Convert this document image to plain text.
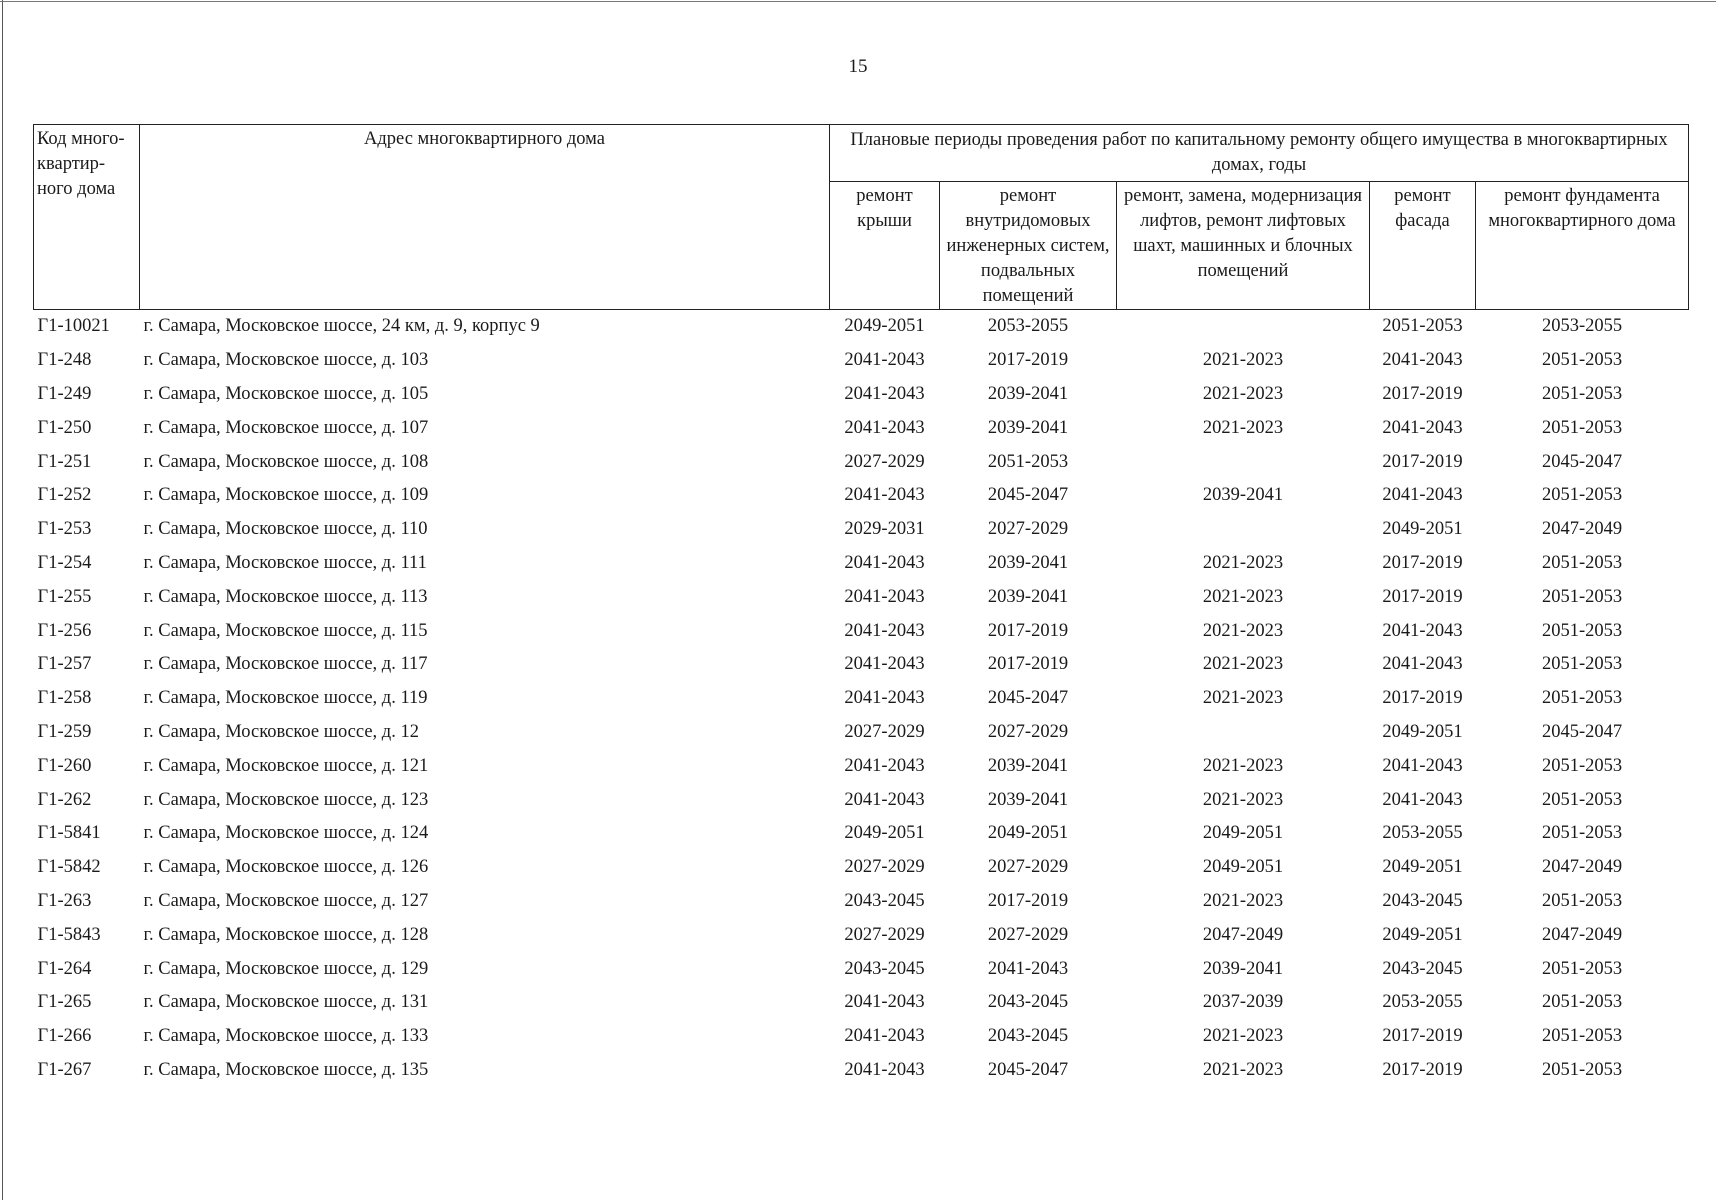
15
Код много-квартир-ного дома	Адрес многоквартирного дома	Плановые периоды проведения работ по капитальному ремонту общего имущества в многоквартирных домах, годы				
		ремонт крыши	ремонт внутридомовых инженерных систем, подвальных помещений	ремонт, замена, модернизация лифтов, ремонт лифтовых шахт, машинных и блочных помещений	ремонт фасада	ремонт фундамента многоквартирного дома
Г1-10021	г. Самара, Московское шоссе, 24 км, д. 9, корпус 9	2049-2051	2053-2055		2051-2053	2053-2055
Г1-248	г. Самара, Московское шоссе, д. 103	2041-2043	2017-2019	2021-2023	2041-2043	2051-2053
Г1-249	г. Самара, Московское шоссе, д. 105	2041-2043	2039-2041	2021-2023	2017-2019	2051-2053
Г1-250	г. Самара, Московское шоссе, д. 107	2041-2043	2039-2041	2021-2023	2041-2043	2051-2053
Г1-251	г. Самара, Московское шоссе, д. 108	2027-2029	2051-2053		2017-2019	2045-2047
Г1-252	г. Самара, Московское шоссе, д. 109	2041-2043	2045-2047	2039-2041	2041-2043	2051-2053
Г1-253	г. Самара, Московское шоссе, д. 110	2029-2031	2027-2029		2049-2051	2047-2049
Г1-254	г. Самара, Московское шоссе, д. 111	2041-2043	2039-2041	2021-2023	2017-2019	2051-2053
Г1-255	г. Самара, Московское шоссе, д. 113	2041-2043	2039-2041	2021-2023	2017-2019	2051-2053
Г1-256	г. Самара, Московское шоссе, д. 115	2041-2043	2017-2019	2021-2023	2041-2043	2051-2053
Г1-257	г. Самара, Московское шоссе, д. 117	2041-2043	2017-2019	2021-2023	2041-2043	2051-2053
Г1-258	г. Самара, Московское шоссе, д. 119	2041-2043	2045-2047	2021-2023	2017-2019	2051-2053
Г1-259	г. Самара, Московское шоссе, д. 12	2027-2029	2027-2029		2049-2051	2045-2047
Г1-260	г. Самара, Московское шоссе, д. 121	2041-2043	2039-2041	2021-2023	2041-2043	2051-2053
Г1-262	г. Самара, Московское шоссе, д. 123	2041-2043	2039-2041	2021-2023	2041-2043	2051-2053
Г1-5841	г. Самара, Московское шоссе, д. 124	2049-2051	2049-2051	2049-2051	2053-2055	2051-2053
Г1-5842	г. Самара, Московское шоссе, д. 126	2027-2029	2027-2029	2049-2051	2049-2051	2047-2049
Г1-263	г. Самара, Московское шоссе, д. 127	2043-2045	2017-2019	2021-2023	2043-2045	2051-2053
Г1-5843	г. Самара, Московское шоссе, д. 128	2027-2029	2027-2029	2047-2049	2049-2051	2047-2049
Г1-264	г. Самара, Московское шоссе, д. 129	2043-2045	2041-2043	2039-2041	2043-2045	2051-2053
Г1-265	г. Самара, Московское шоссе, д. 131	2041-2043	2043-2045	2037-2039	2053-2055	2051-2053
Г1-266	г. Самара, Московское шоссе, д. 133	2041-2043	2043-2045	2021-2023	2017-2019	2051-2053
Г1-267	г. Самара, Московское шоссе, д. 135	2041-2043	2045-2047	2021-2023	2017-2019	2051-2053
